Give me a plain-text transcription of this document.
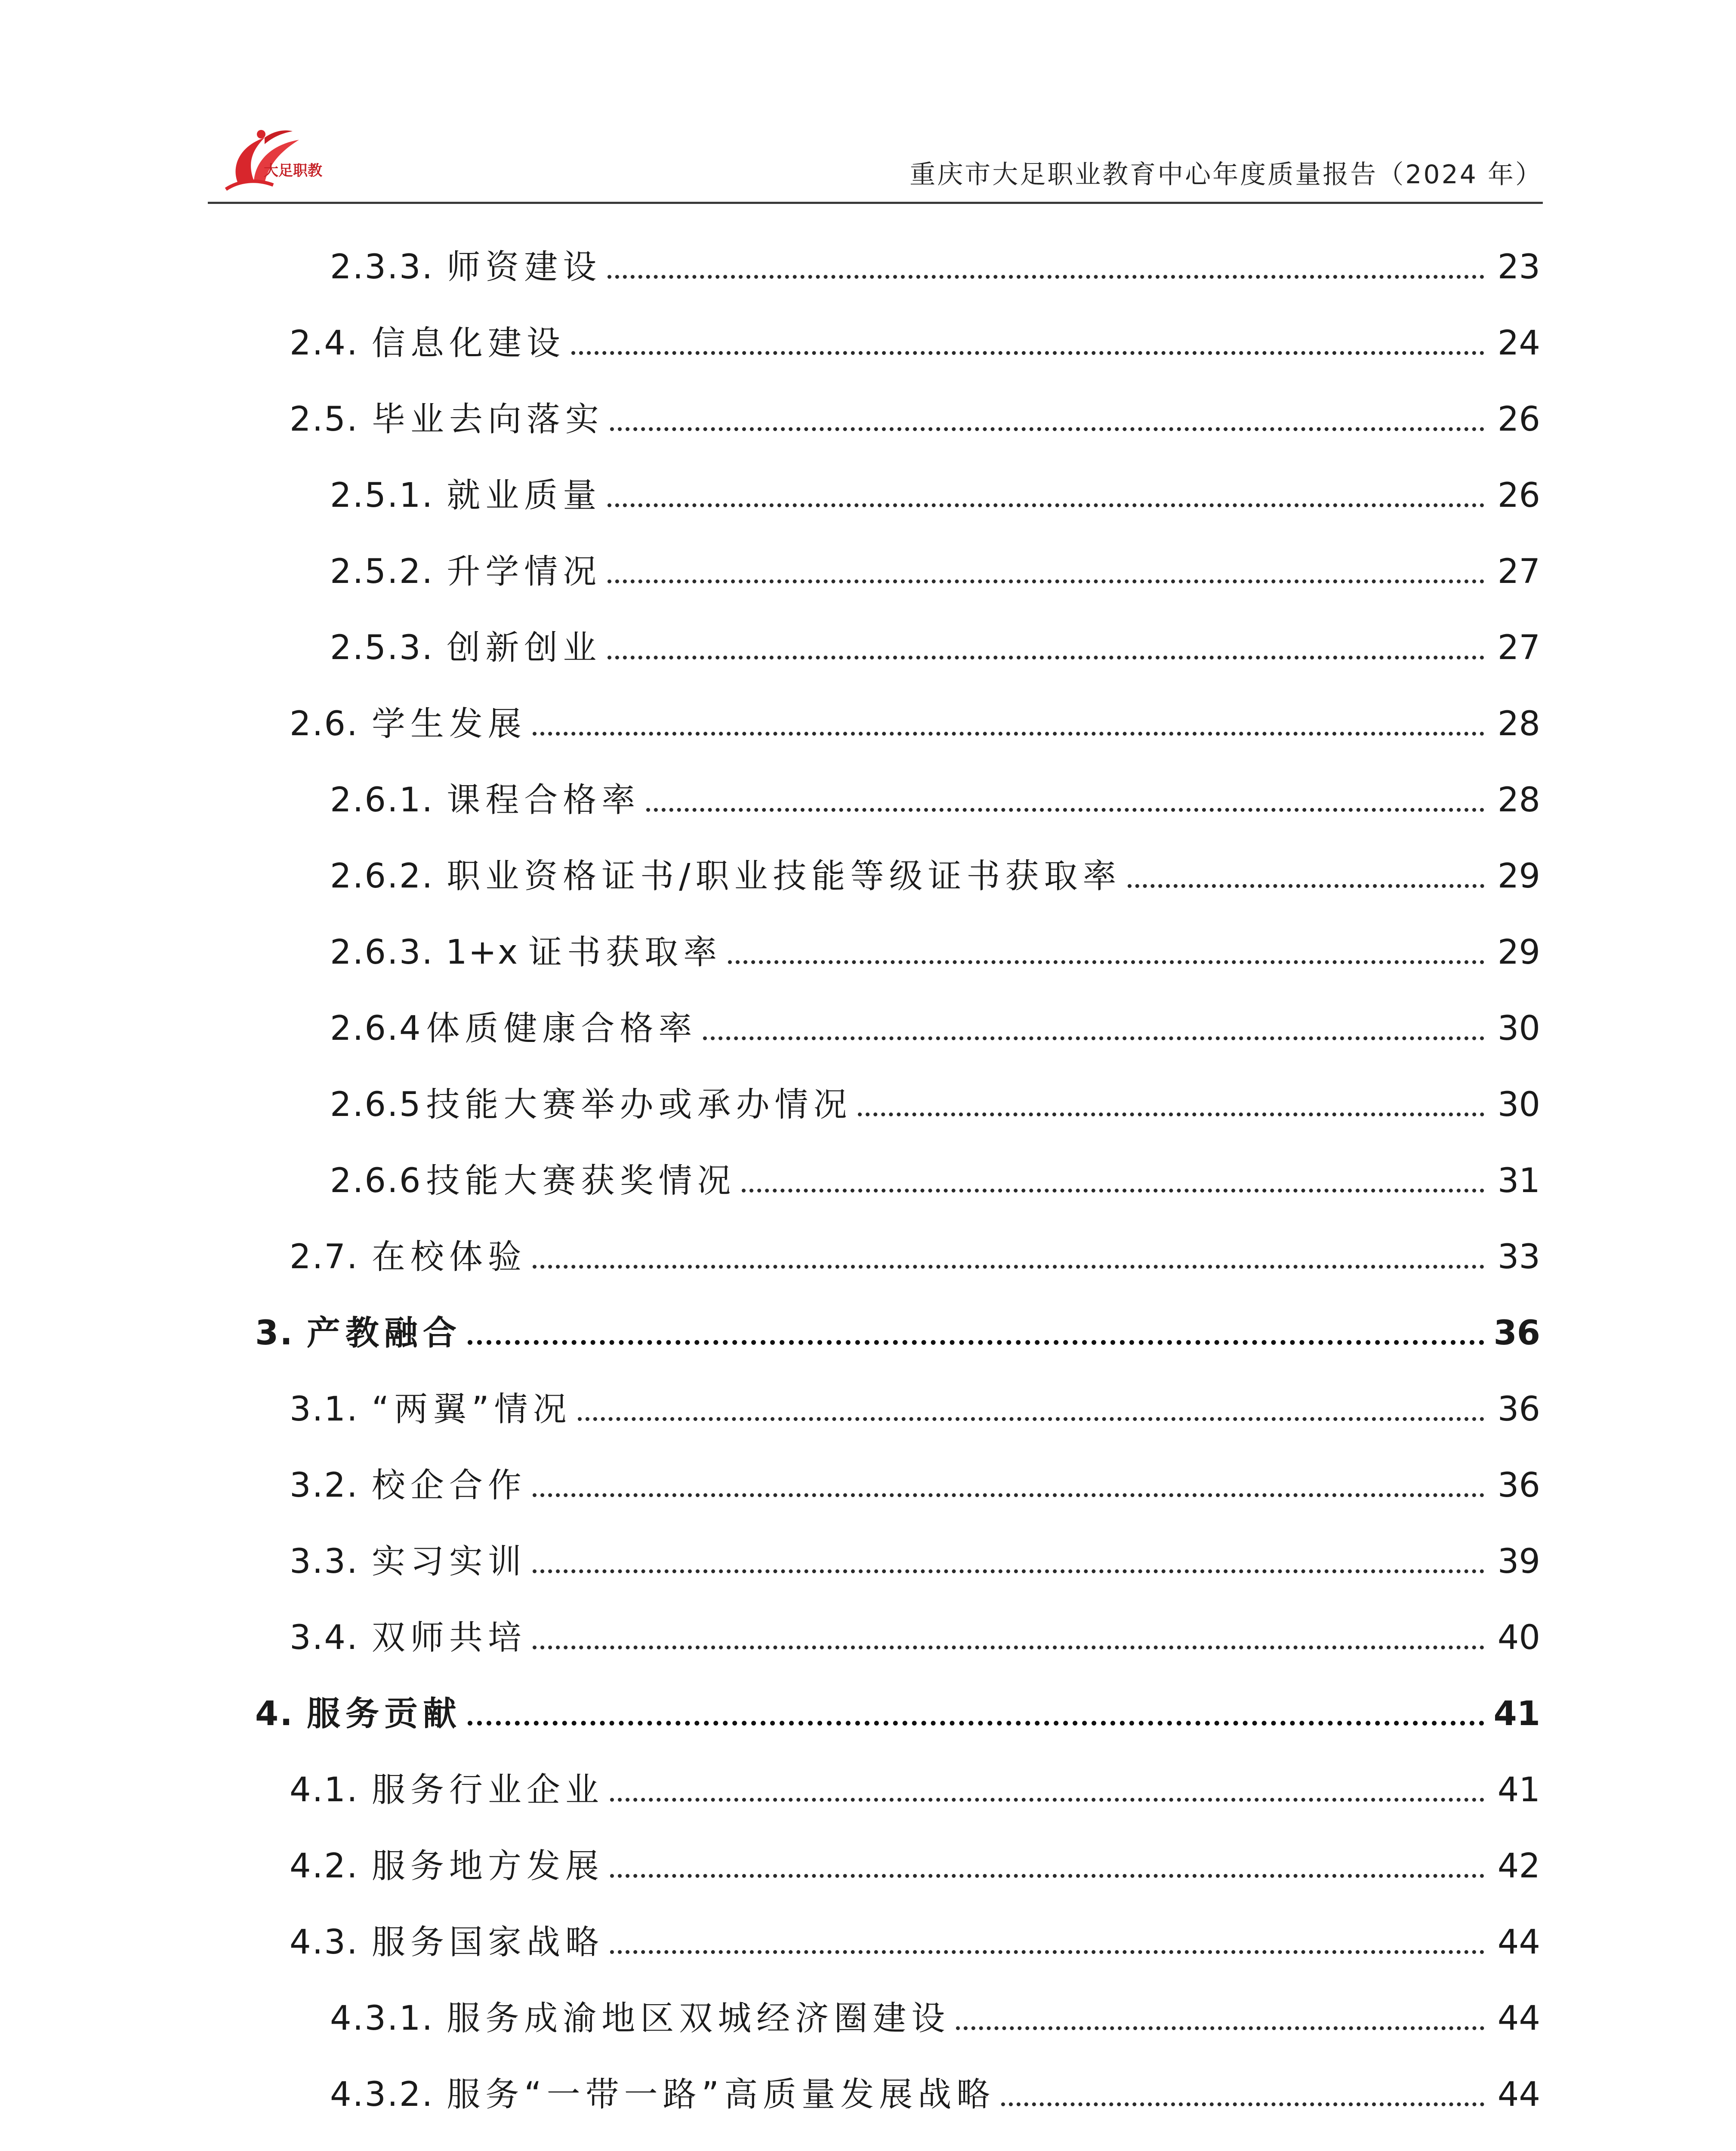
大足职教	重庆市大足职业教育中心年度质量报告（2024 年）
2.3.3. 师资建设	23
2.4. 信息化建设	24
2.5. 毕业去向落实	26
2.5.1. 就业质量	26
2.5.2. 升学情况	27
2.5.3. 创新创业	27
2.6. 学生发展	28
2.6.1. 课程合格率	28
2.6.2. 职业资格证书/职业技能等级证书获取率	29
2.6.3. 1+x 证书获取率	29
2.6.4 体质健康合格率	30
2.6.5 技能大赛举办或承办情况	30
2.6.6 技能大赛获奖情况	31
2.7. 在校体验	33
3. 产教融合	36
3.1. “两翼”情况	36
3.2. 校企合作	36
3.3. 实习实训	39
3.4. 双师共培	40
4. 服务贡献	41
4.1. 服务行业企业	41
4.2. 服务地方发展	42
4.3. 服务国家战略	44
4.3.1. 服务成渝地区双城经济圈建设	44
4.3.2. 服务“一带一路”高质量发展战略	44
